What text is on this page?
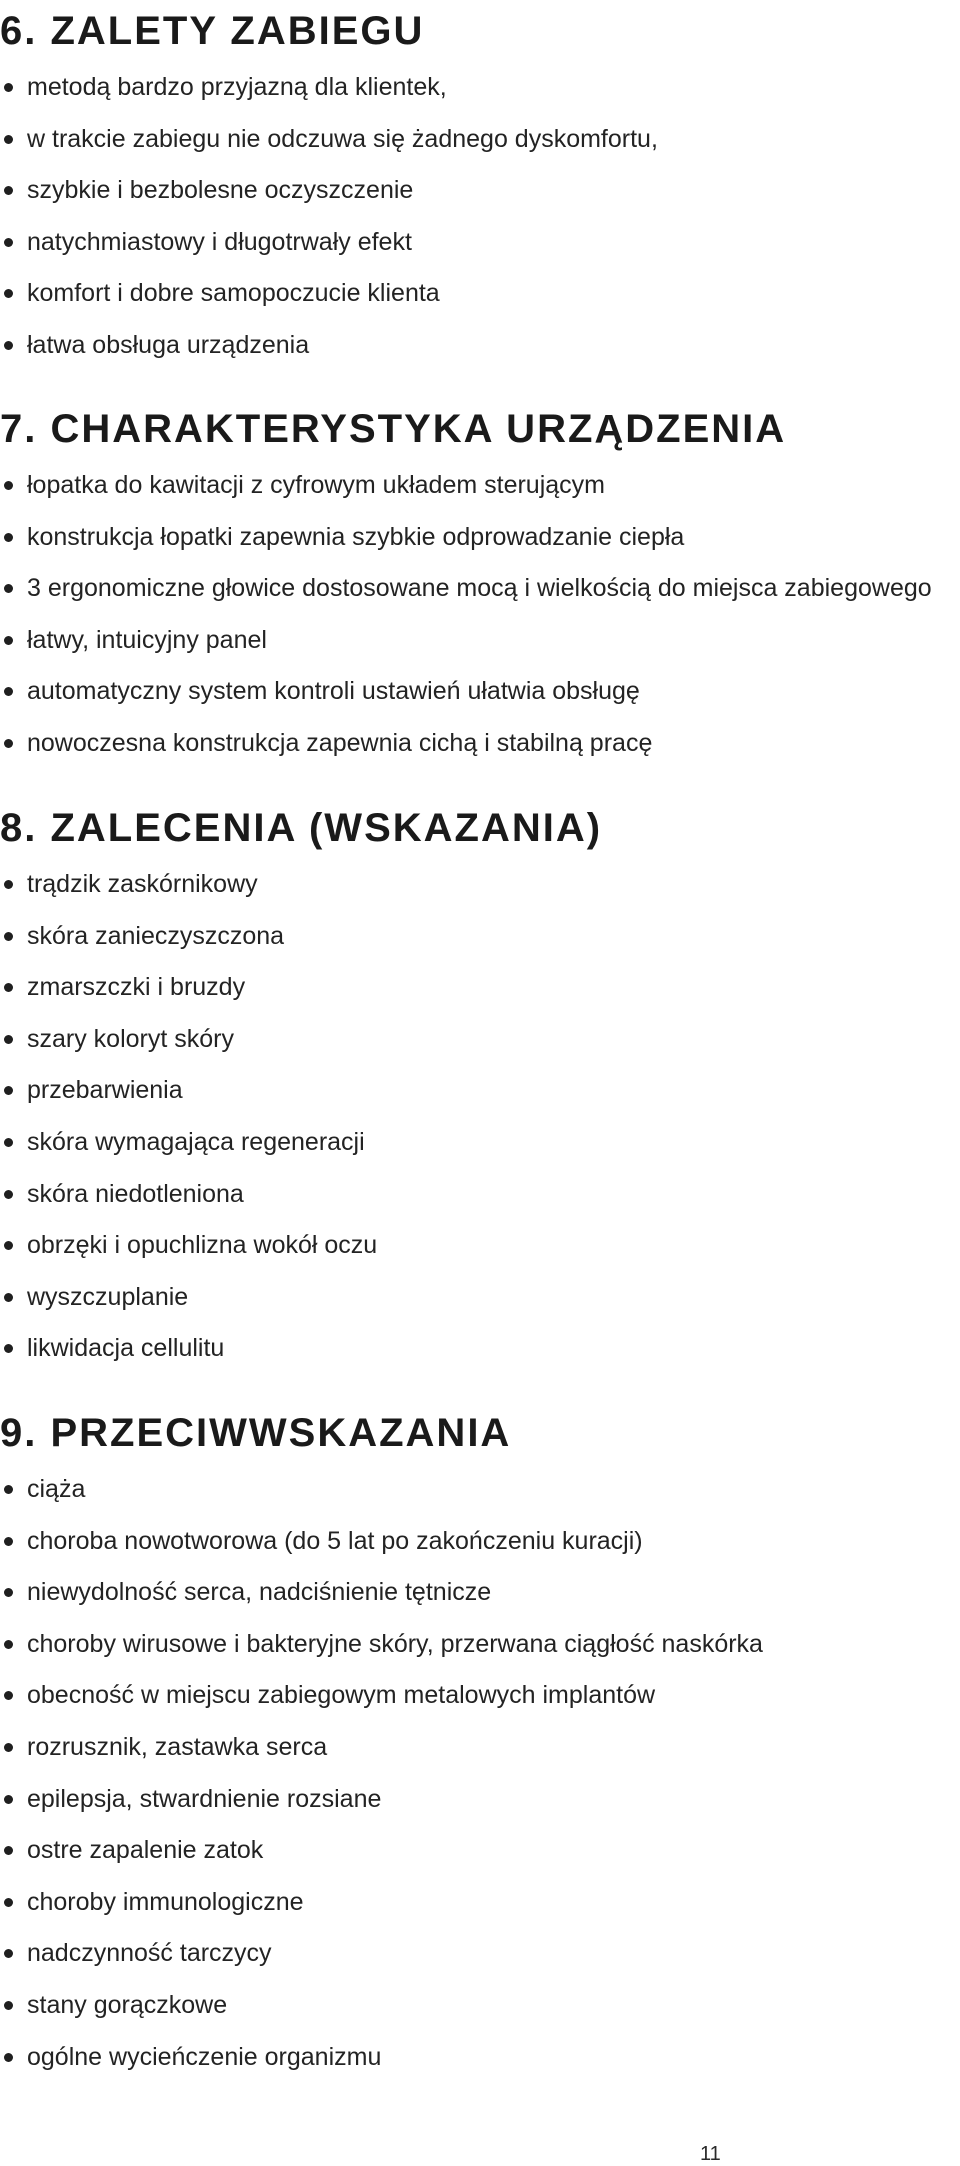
6. ZALETY ZABIEGU
metodą bardzo przyjazną dla klientek,
w trakcie zabiegu nie odczuwa się żadnego dyskomfortu,
szybkie i bezbolesne oczyszczenie
natychmiastowy i długotrwały efekt
komfort i dobre samopoczucie klienta
łatwa obsługa urządzenia
7. CHARAKTERYSTYKA URZĄDZENIA
łopatka do kawitacji z cyfrowym układem sterującym
konstrukcja łopatki zapewnia szybkie odprowadzanie ciepła
3 ergonomiczne głowice dostosowane mocą i wielkością do miejsca zabiegowego
łatwy, intuicyjny panel
automatyczny system kontroli ustawień ułatwia obsługę
nowoczesna konstrukcja zapewnia cichą i stabilną pracę
8. ZALECENIA (WSKAZANIA)
trądzik zaskórnikowy
skóra zanieczyszczona
zmarszczki i bruzdy
szary koloryt skóry
przebarwienia
skóra wymagająca regeneracji
skóra niedotleniona
obrzęki i opuchlizna wokół oczu
wyszczuplanie
likwidacja cellulitu
9. PRZECIWWSKAZANIA
ciąża
choroba nowotworowa (do 5 lat po zakończeniu kuracji)
niewydolność serca, nadciśnienie tętnicze
choroby wirusowe i bakteryjne skóry, przerwana ciągłość naskórka
obecność w miejscu zabiegowym metalowych implantów
rozrusznik, zastawka serca
epilepsja, stwardnienie rozsiane
ostre zapalenie zatok
choroby immunologiczne
nadczynność tarczycy
stany gorączkowe
ogólne wycieńczenie organizmu
11
